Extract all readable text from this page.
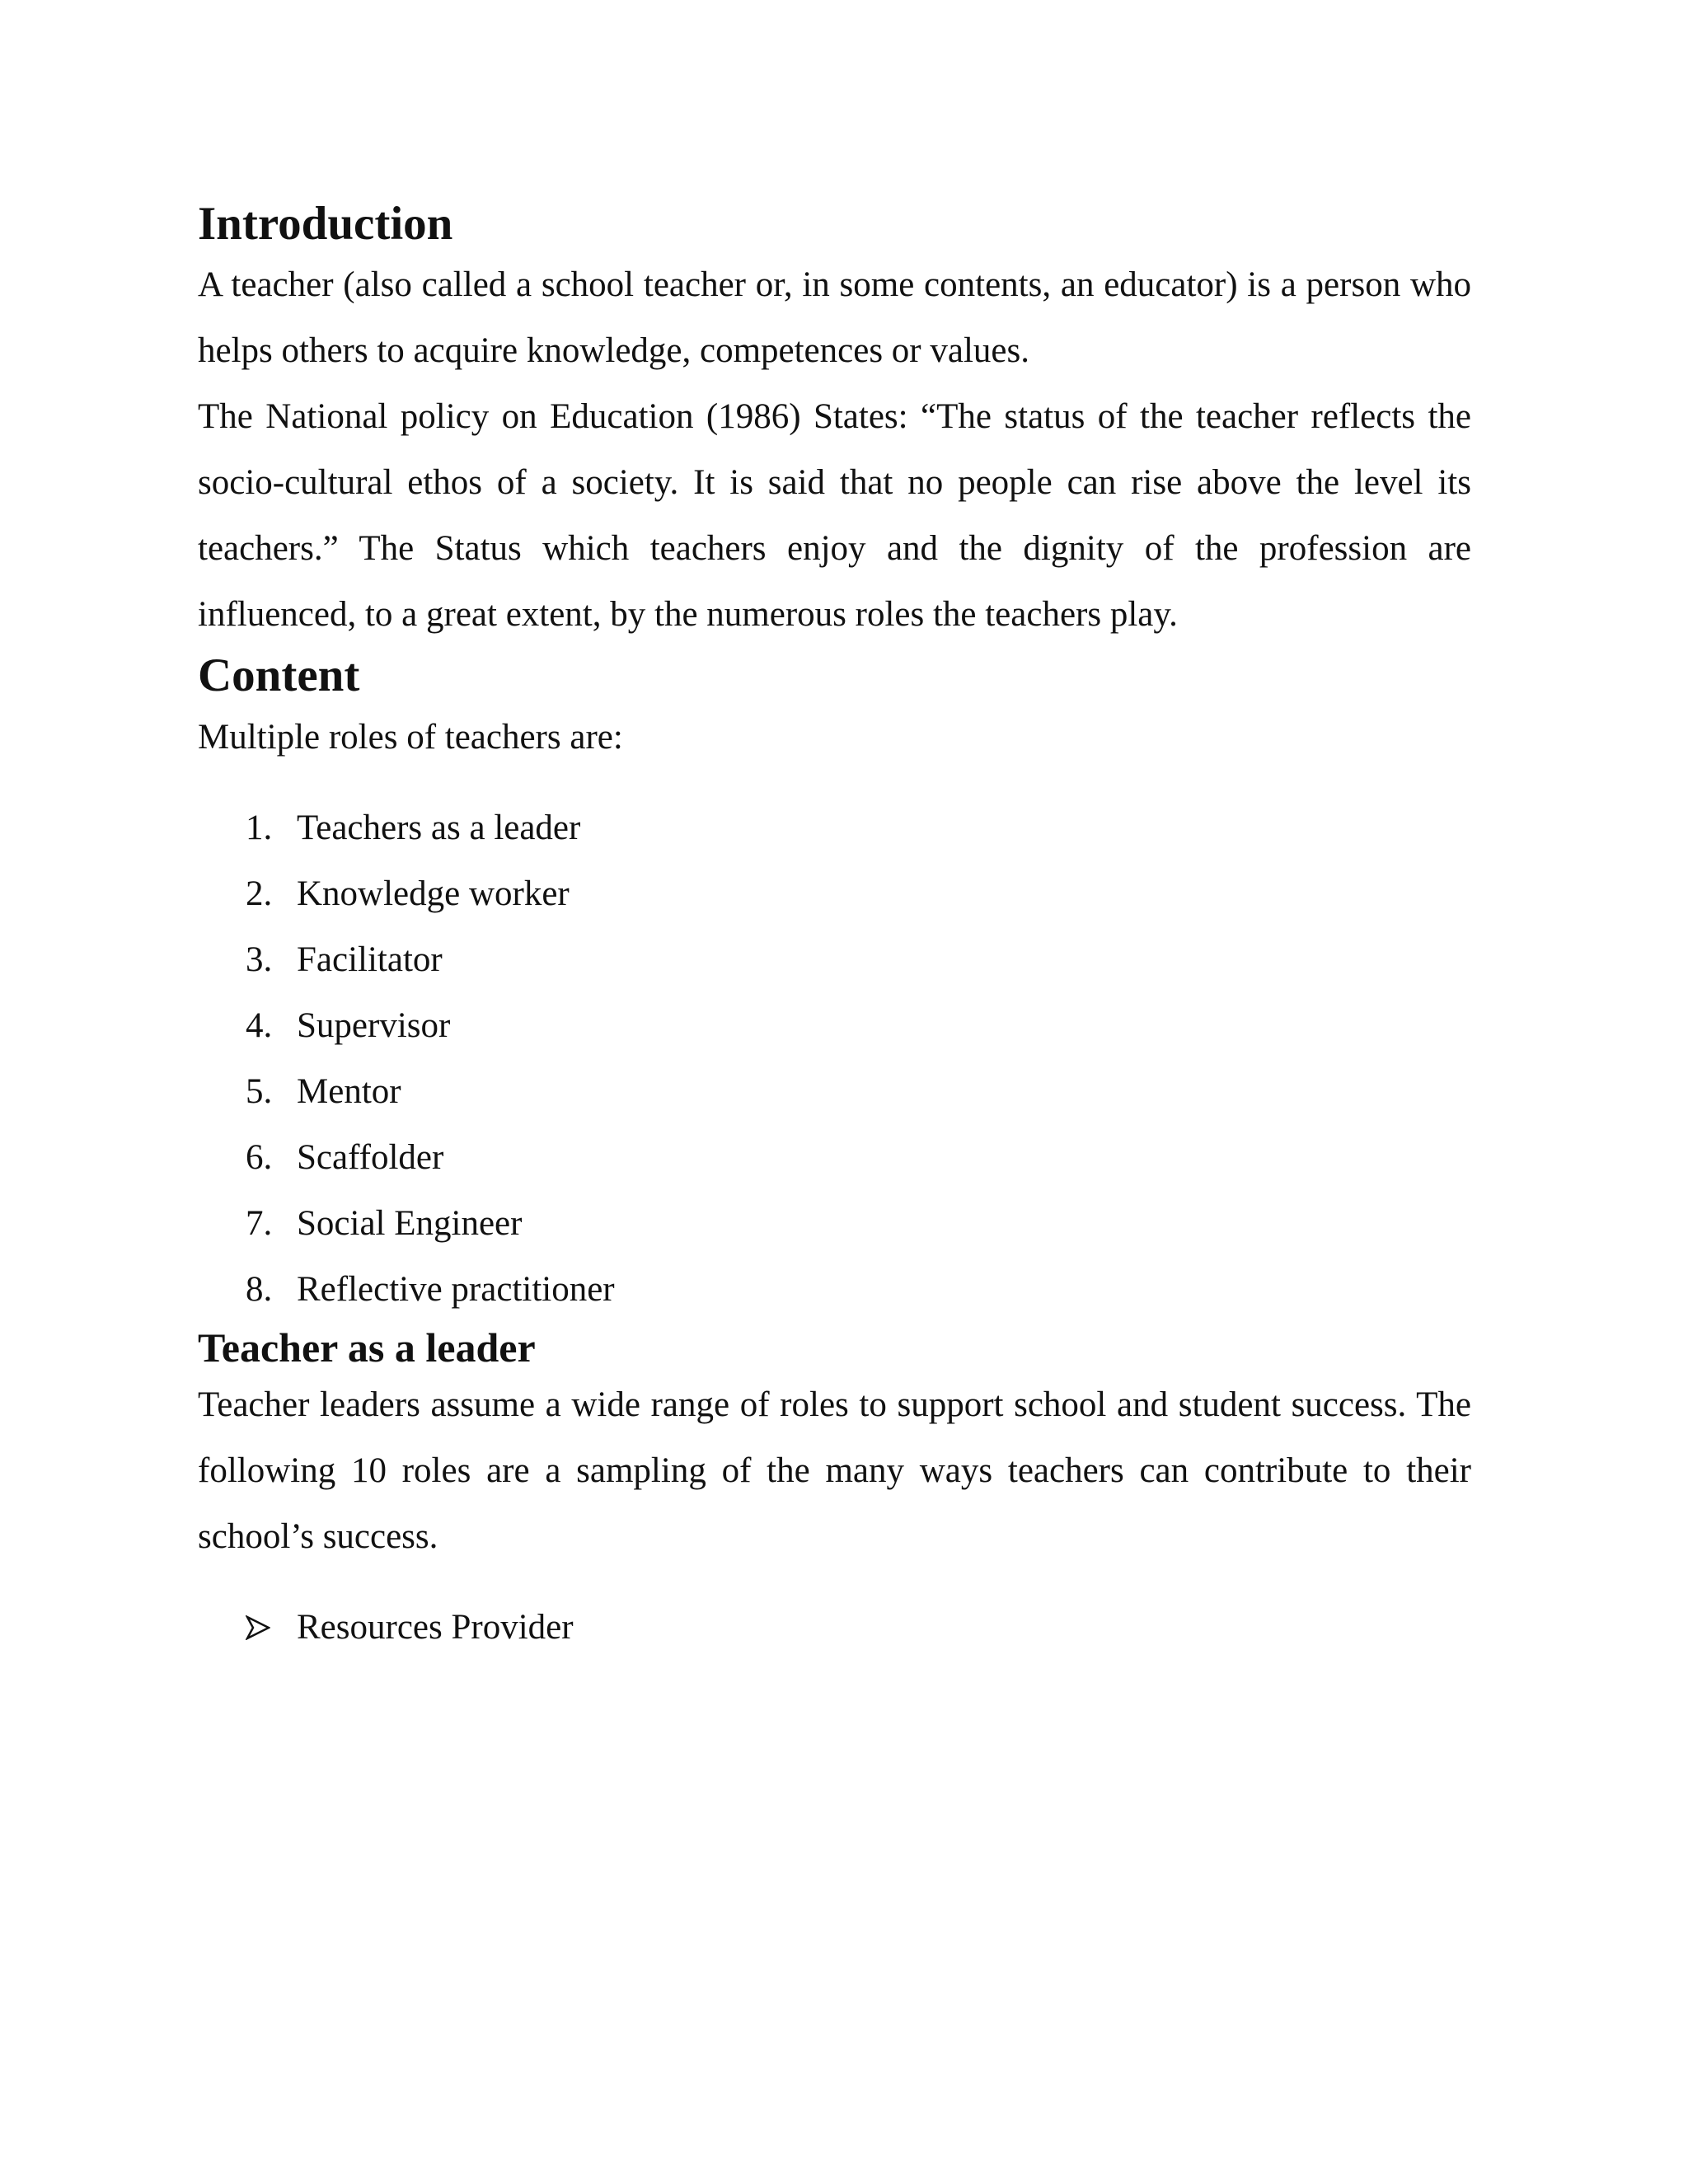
Introduction

A teacher (also called a school teacher or, in some contents, an educator) is a person who helps others to acquire knowledge, competences or values.

The National policy on Education (1986) States: “The status of the teacher reflects the socio-cultural ethos of a society. It is said that no people can rise above the level its teachers.” The Status which teachers enjoy and the dignity of the profession are influenced, to a great extent, by the numerous roles the teachers play.

Content

Multiple roles of teachers are:

1. Teachers as a leader
2. Knowledge worker
3. Facilitator
4. Supervisor
5. Mentor
6. Scaffolder
7. Social Engineer
8. Reflective practitioner
Teacher as a leader

Teacher leaders assume a wide range of roles to support school and student success. The following 10 roles are a sampling of the many ways teachers can contribute to their school’s success.

Resources Provider
